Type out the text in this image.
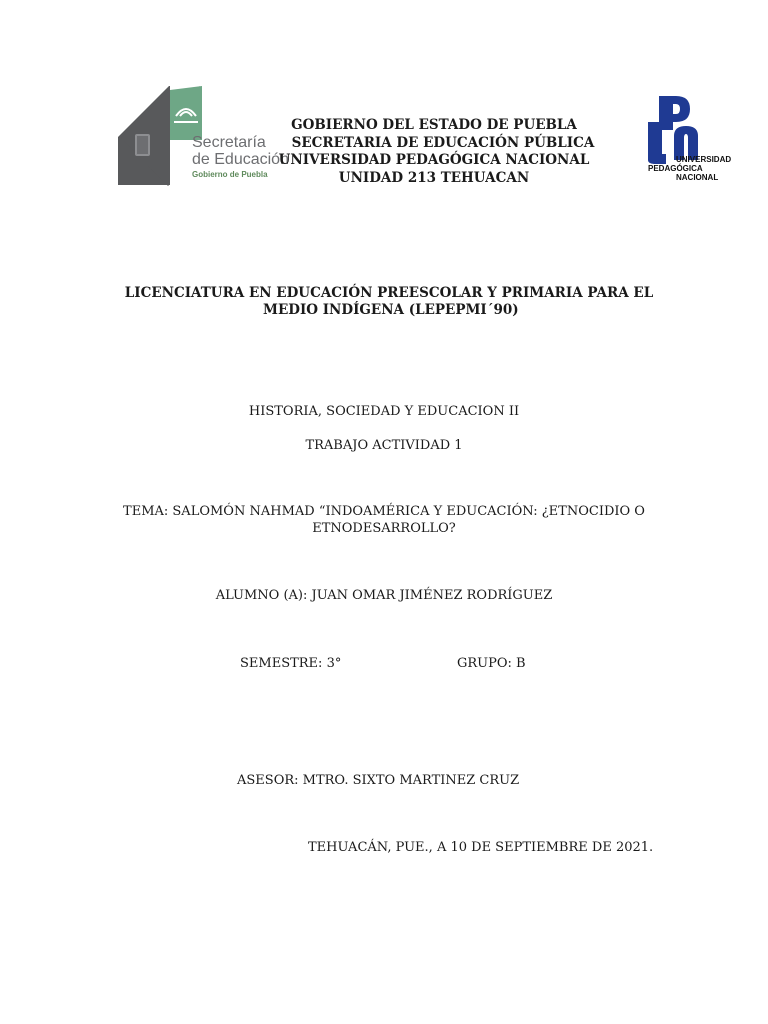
Secretaría
de Educación
Gobierno de Puebla
UNIVERSIDAD
PEDAGÓGICA
NACIONAL
GOBIERNO DEL ESTADO DE PUEBLA
SECRETARIA DE EDUCACIÓN PÚBLICA
UNIVERSIDAD PEDAGÓGICA NACIONAL
UNIDAD 213 TEHUACAN
LICENCIATURA EN EDUCACIÓN PREESCOLAR Y PRIMARIA PARA EL
MEDIO INDÍGENA (LEPEPMI´90)
HISTORIA, SOCIEDAD Y EDUCACION II
TRABAJO ACTIVIDAD 1
TEMA: SALOMÓN NAHMAD “INDOAMÉRICA Y EDUCACIÓN: ¿ETNOCIDIO O
ETNODESARROLLO?
ALUMNO (A): JUAN OMAR JIMÉNEZ RODRÍGUEZ
SEMESTRE: 3°	GRUPO: B
ASESOR: MTRO. SIXTO MARTINEZ CRUZ
TEHUACÁN, PUE., A 10 DE SEPTIEMBRE DE 2021.
